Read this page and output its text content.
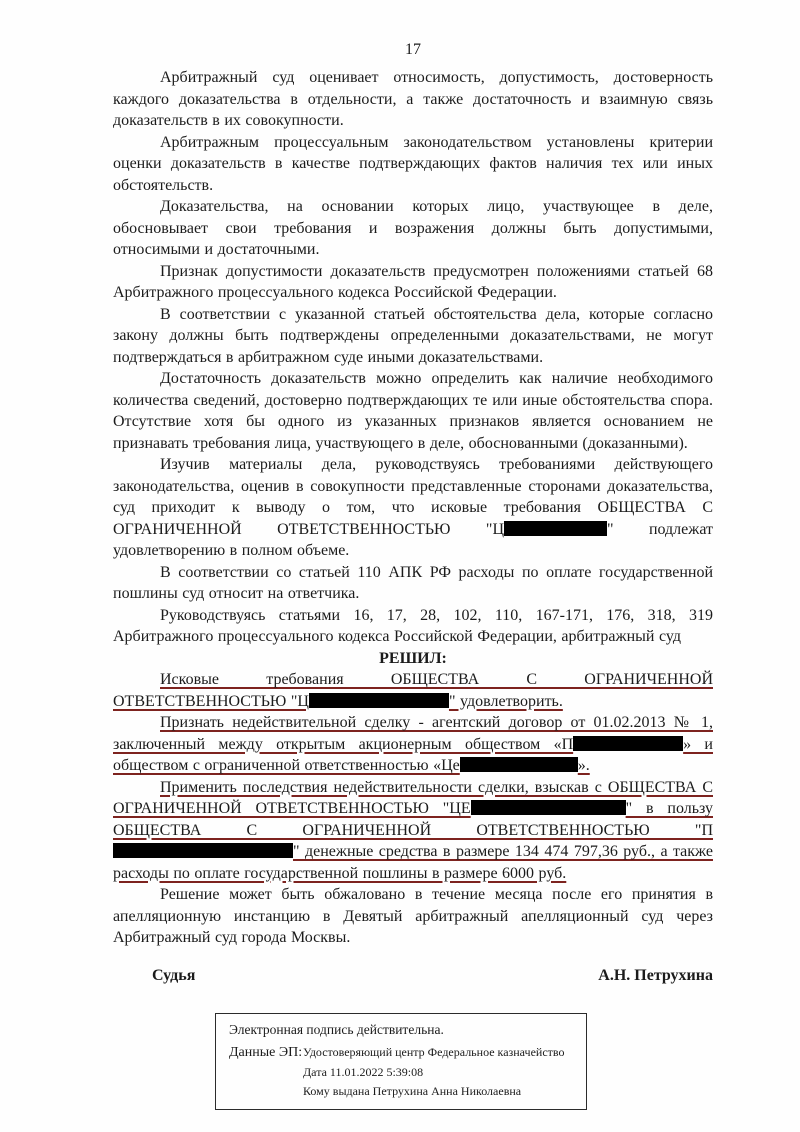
17

Арбитражный суд оценивает относимость, допустимость, достоверность каждого доказательства в отдельности, а также достаточность и взаимную связь доказательств в их совокупности.

Арбитражным процессуальным законодательством установлены критерии оценки доказательств в качестве подтверждающих фактов наличия тех или иных обстоятельств.

Доказательства, на основании которых лицо, участвующее в деле, обосновывает свои требования и возражения должны быть допустимыми, относимыми и достаточными.

Признак допустимости доказательств предусмотрен положениями статьей 68 Арбитражного процессуального кодекса Российской Федерации.

В соответствии с указанной статьей обстоятельства дела, которые согласно закону должны быть подтверждены определенными доказательствами, не могут подтверждаться в арбитражном суде иными доказательствами.

Достаточность доказательств можно определить как наличие необходимого количества сведений, достоверно подтверждающих те или иные обстоятельства спора. Отсутствие хотя бы одного из указанных признаков является основанием не признавать требования лица, участвующего в деле, обоснованными (доказанными).

Изучив материалы дела, руководствуясь требованиями действующего законодательства, оценив в совокупности представленные сторонами доказательства, суд приходит к выводу о том, что исковые требования ОБЩЕСТВА С ОГРАНИЧЕННОЙ ОТВЕТСТВЕННОСТЬЮ "Ц	" подлежат удовлетворению в полном объеме.

В соответствии со статьей 110 АПК РФ расходы по оплате государственной пошлины суд относит на ответчика.

Руководствуясь статьями 16, 17, 28, 102, 110, 167-171, 176, 318, 319 Арбитражного процессуального кодекса Российской Федерации, арбитражный суд

РЕШИЛ:

Исковые требования ОБЩЕСТВА С ОГРАНИЧЕННОЙ ОТВЕТСТВЕННОСТЬЮ "Ц	" удовлетворить.

Признать недействительной сделку - агентский договор от 01.02.2013 № 1, заключенный между открытым акционерным обществом «П	» и обществом с ограниченной ответственностью «Це	».

Применить последствия недействительности сделки, взыскав с ОБЩЕСТВА С ОГРАНИЧЕННОЙ ОТВЕТСТВЕННОСТЬЮ "ЦЕ	" в пользу ОБЩЕСТВА С ОГРАНИЧЕННОЙ ОТВЕТСТВЕННОСТЬЮ "П" денежные средства в размере 134 474 797,36 руб., а также расходы по оплате государственной пошлины в размере 6000 руб.

Решение может быть обжаловано в течение месяца после его принятия в апелляционную инстанцию в Девятый арбитражный апелляционный суд через Арбитражный суд города Москвы.

Судья	А.Н. Петрухина
Электронная подпись действительна.
Данные ЭП: Удостоверяющий центр Федеральное казначейство
Дата 11.01.2022 5:39:08
Кому выдана Петрухина Анна Николаевна
